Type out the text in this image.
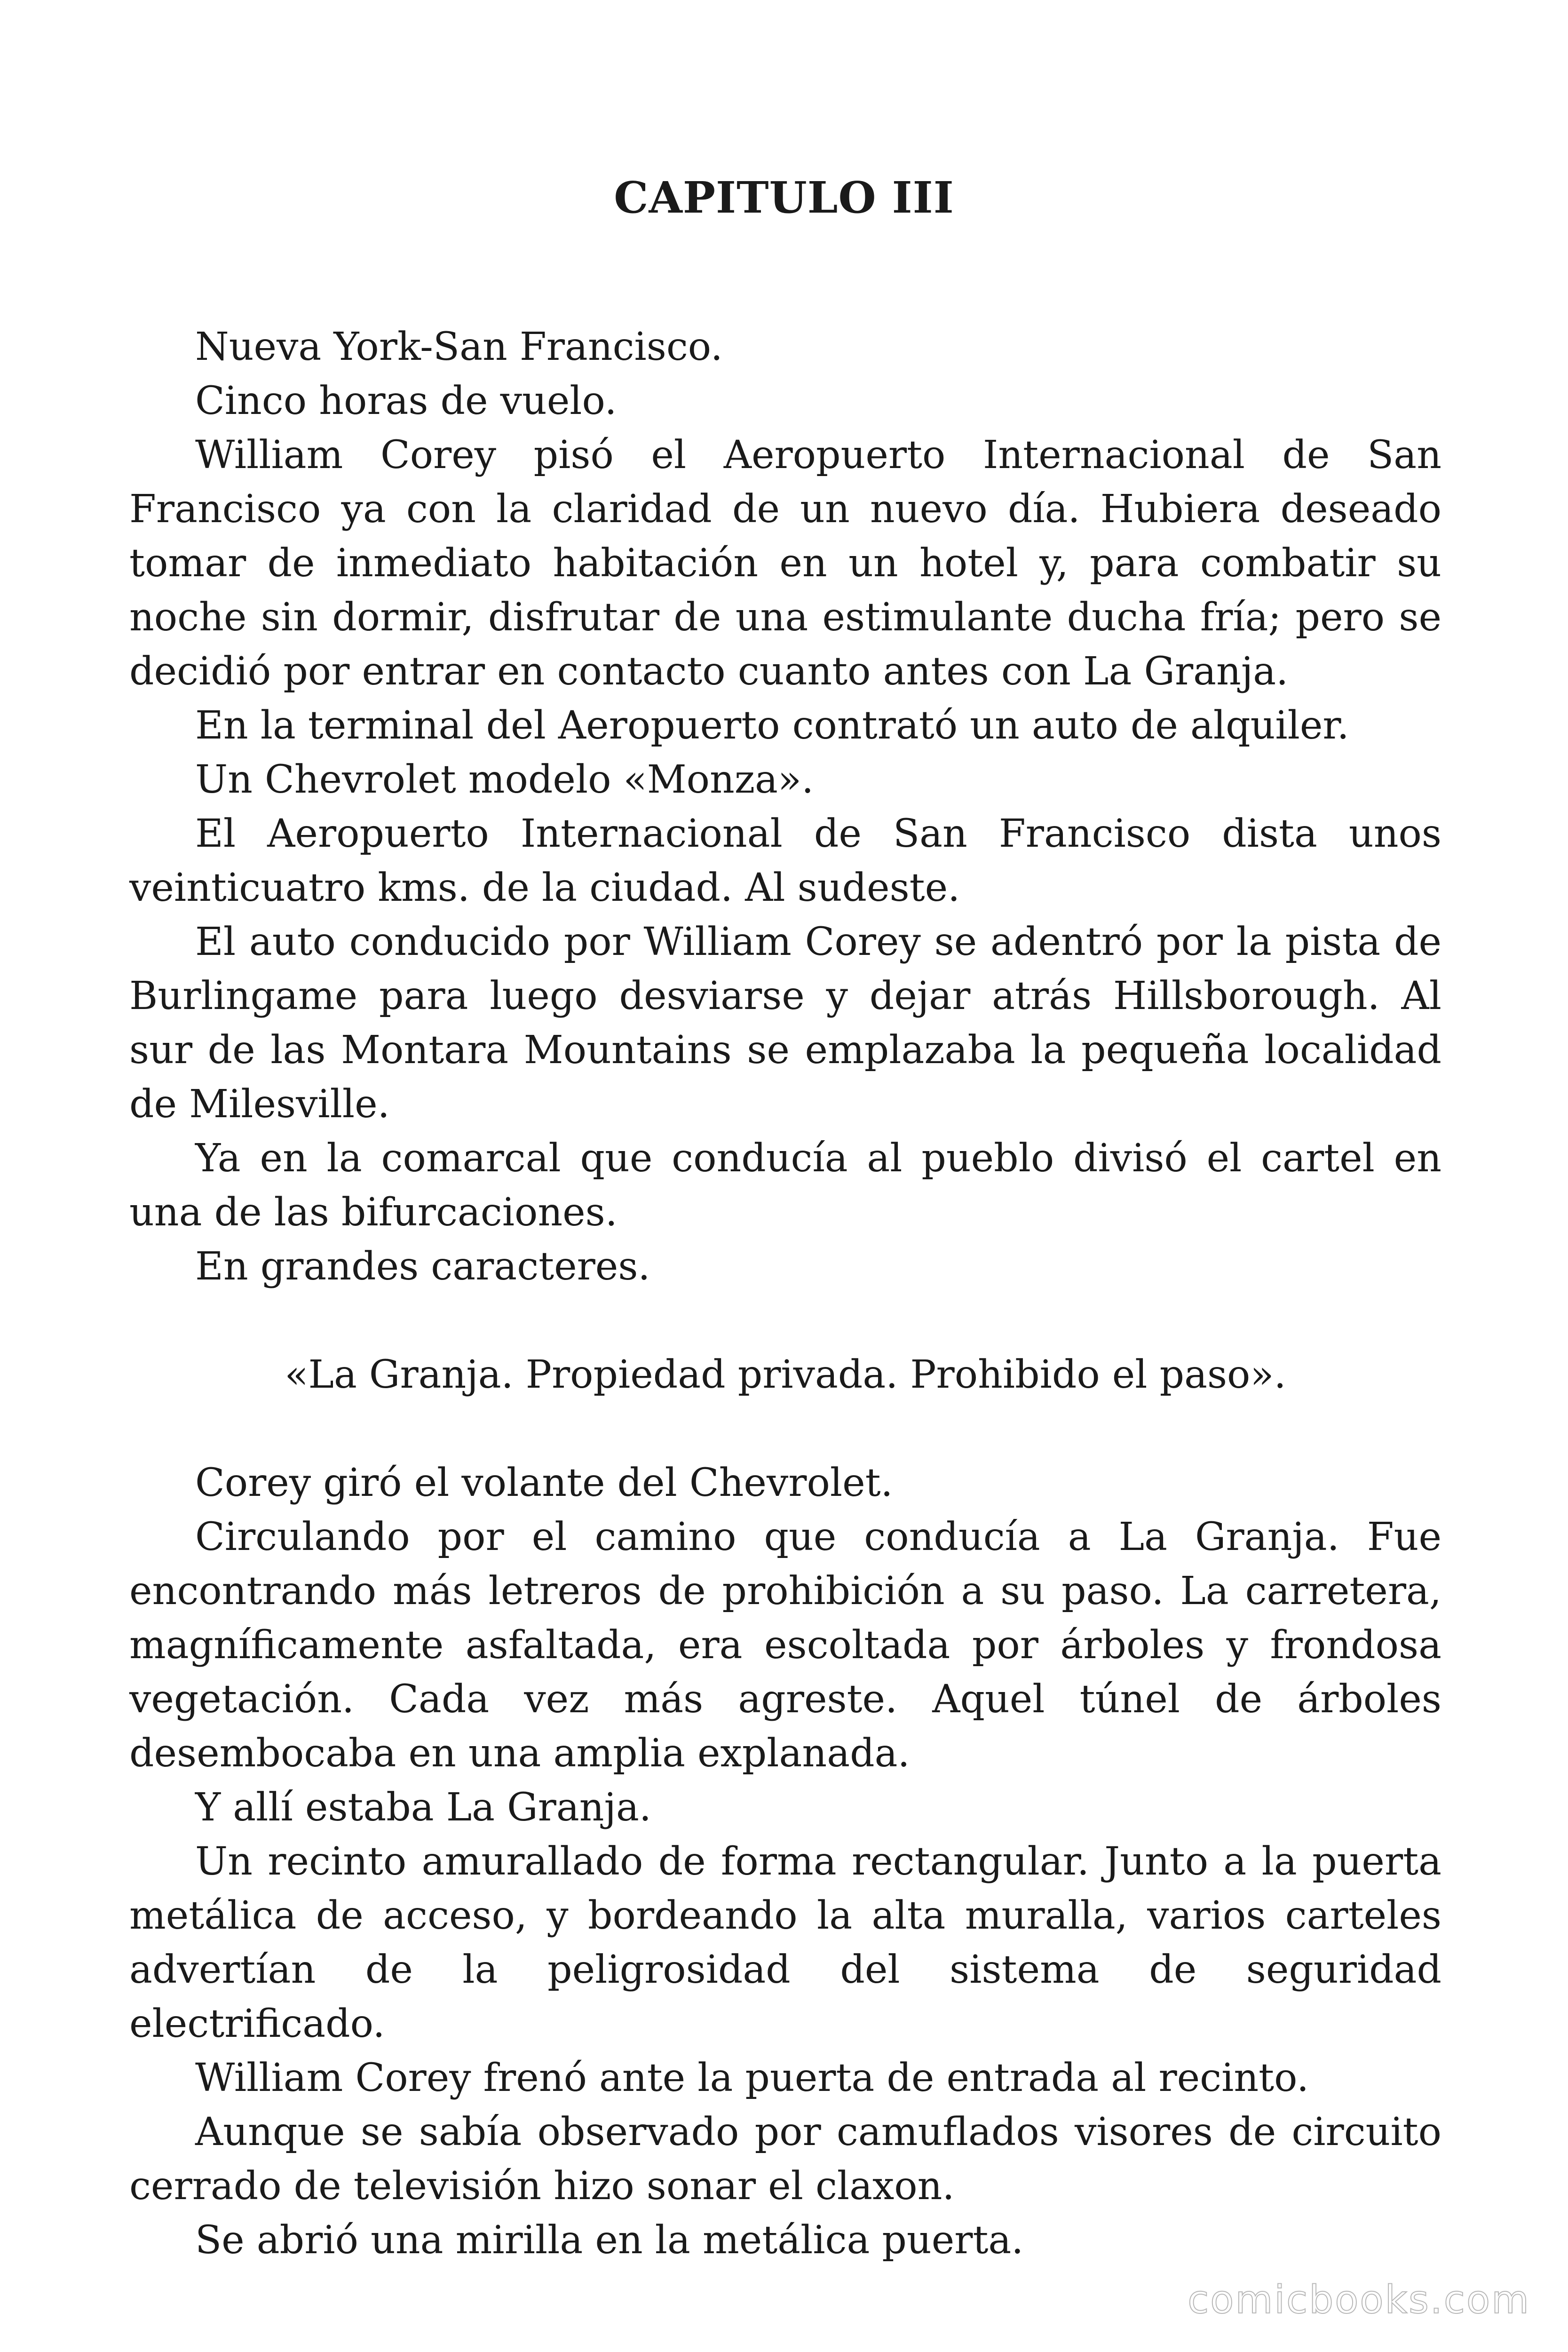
CAPITULO III

Nueva York-San Francisco.

Cinco horas de vuelo.

William Corey pisó el Aeropuerto Internacional de San Francisco ya con la claridad de un nuevo día. Hubiera deseado tomar de inmediato habitación en un hotel y, para combatir su noche sin dormir, disfrutar de una estimulante ducha fría; pero se decidió por entrar en contacto cuanto antes con La Granja.

En la terminal del Aeropuerto contrató un auto de alquiler.

Un Chevrolet modelo «Monza».

El Aeropuerto Internacional de San Francisco dista unos veinticuatro kms. de la ciudad. Al sudeste.

El auto conducido por William Corey se adentró por la pista de Burlingame para luego desviarse y dejar atrás Hillsborough. Al sur de las Montara Mountains se emplazaba la pequeña localidad de Milesville.

Ya en la comarcal que conducía al pueblo divisó el cartel en una de las bifurcaciones.

En grandes caracteres.

«La Granja. Propiedad privada. Prohibido el paso».

Corey giró el volante del Chevrolet.

Circulando por el camino que conducía a La Granja. Fue encontrando más letreros de prohibición a su paso. La carretera, magníficamente asfaltada, era escoltada por árboles y frondosa vegetación. Cada vez más agreste. Aquel túnel de árboles desembocaba en una amplia explanada.

Y allí estaba La Granja.

Un recinto amurallado de forma rectangular. Junto a la puerta metálica de acceso, y bordeando la alta muralla, varios carteles advertían de la peligrosidad del sistema de seguridad electrificado.

William Corey frenó ante la puerta de entrada al recinto.

Aunque se sabía observado por camuflados visores de circuito cerrado de televisión hizo sonar el claxon.

Se abrió una mirilla en la metálica puerta.

comicbooks.com
